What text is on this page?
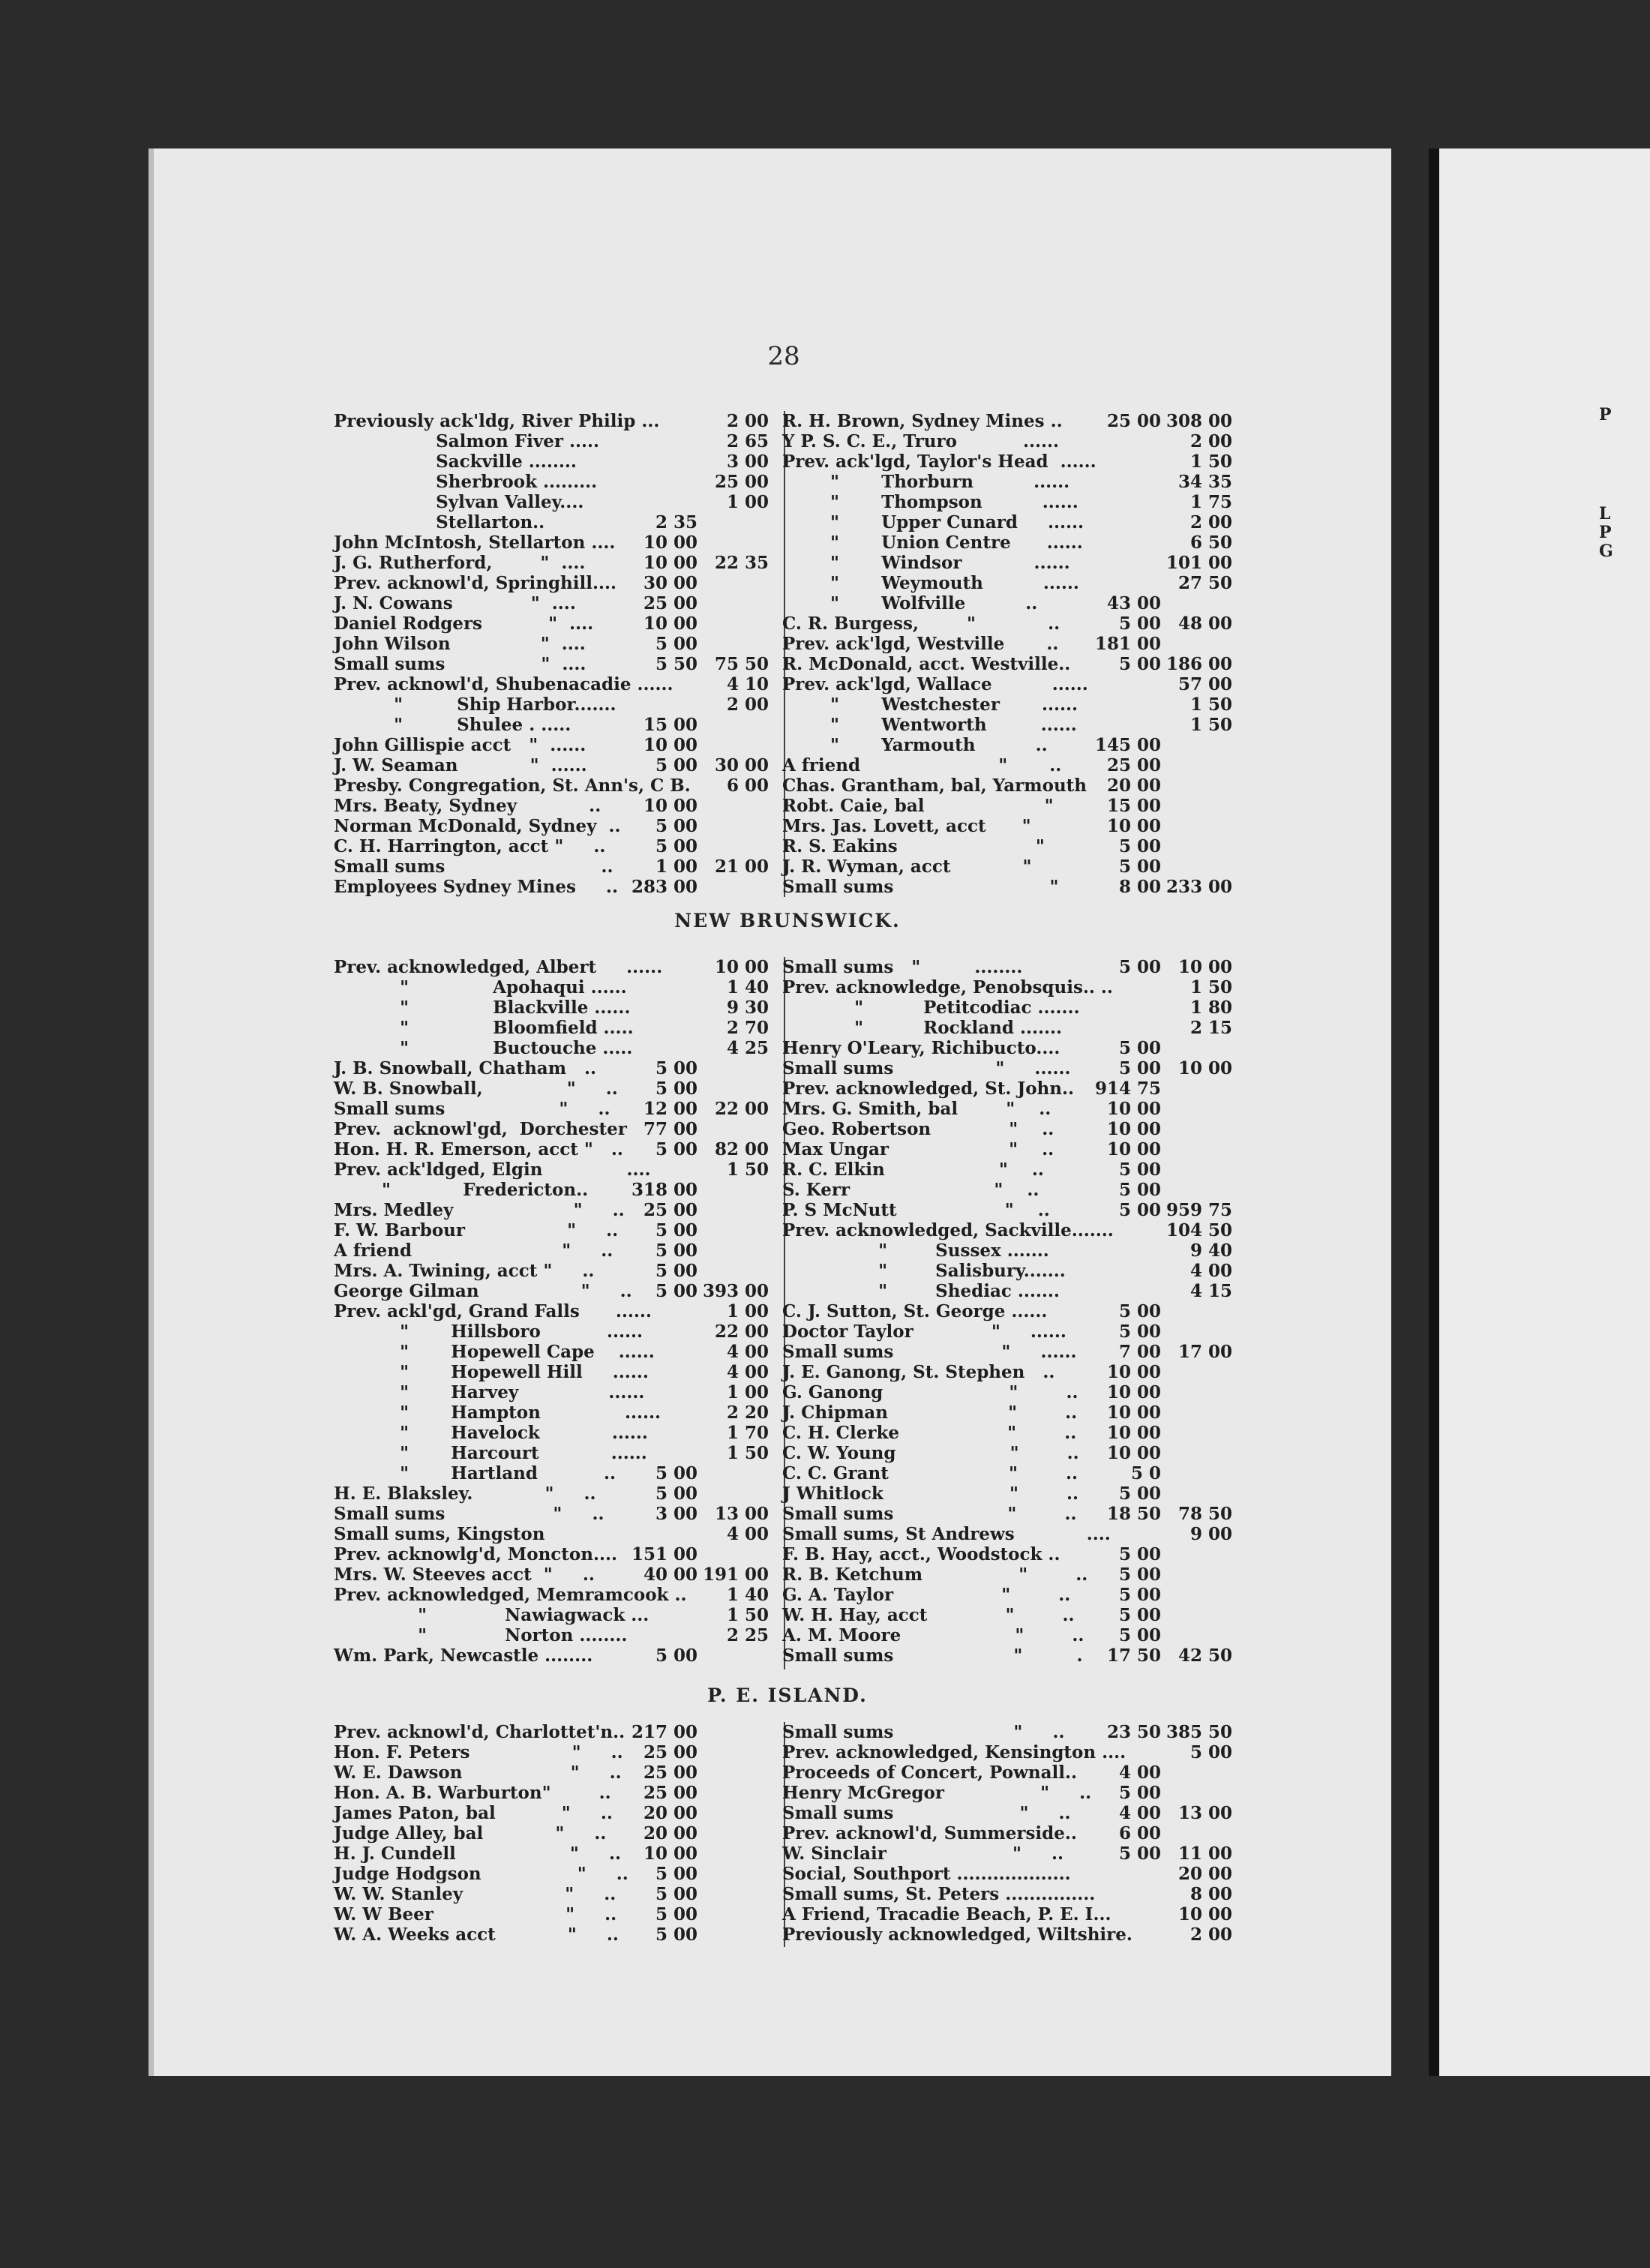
P
L
P
G
28
Previously ack'ldg, River Philip ...	2 00
Salmon Fiver .....	2 65
Sackville ........	3 00
Sherbrook .........	25 00
Sylvan Valley....	1 00
Stellarton..	2 35
John McIntosh, Stellarton ....	10 00
J. G. Rutherford,        "  ....	10 00 22 35
Prev. acknowl'd, Springhill....	30 00
J. N. Cowans             "  ....	25 00
Daniel Rodgers           "  ....	10 00
John Wilson               "  ....	5 00
Small sums                "  ....	5 50 75 50
Prev. acknowl'd, Shubenacadie ......	4 10
"         Ship Harbor.......	2 00
"         Shulee . .....	15 00
John Gillispie acct   "  ......	10 00
J. W. Seaman            "  ......	5 00 30 00
Presby. Congregation, St. Ann's, C B.	6 00
Mrs. Beaty, Sydney            ..	10 00
Norman McDonald, Sydney  ..	5 00
C. H. Harrington, acct "     ..	5 00
Small sums                          ..	1 00 21 00
Employees Sydney Mines     .. 283 00
R. H. Brown, Sydney Mines ..	25 00 308 00
Y P. S. C. E., Truro           ......	2 00
Prev. ack'lgd, Taylor's Head  ......	1 50
"       Thorburn          ......	34 35
"       Thompson          ......	1 75
"       Upper Cunard     ......	2 00
"       Union Centre      ......	6 50
"       Windsor            ......	101 00
"       Weymouth          ......	27 50
"       Wolfville          ..	43 00
C. R. Burgess,        "            ..	5 00 48 00
Prev. ack'lgd, Westville       ..	181 00
R. McDonald, acct. Westville..	5 00 186 00
Prev. ack'lgd, Wallace          ......	57 00
"       Westchester       ......	1 50
"       Wentworth         ......	1 50
"       Yarmouth          ..	145 00
A friend                       "       ..	25 00
Chas. Grantham, bal, Yarmouth	20 00
Robt. Caie, bal                    "	15 00
Mrs. Jas. Lovett, acct      "	10 00
R. S. Eakins                       "	5 00
J. R. Wyman, acct            "	5 00
Small sums                          "	8 00 233 00
NEW BRUNSWICK.
Prev. acknowledged, Albert     ......	10 00
"              Apohaqui ......	1 40
"              Blackville ......	9 30
"              Bloomfield .....	2 70
"              Buctouche .....	4 25
J. B. Snowball, Chatham   ..	5 00
W. B. Snowball,              "     ..	5 00
Small sums                   "     ..	12 00 22 00
Prev.  acknowl'gd,  Dorchester 77 00
Hon. H. R. Emerson, acct "   ..	5 00 82 00
Prev. ack'ldged, Elgin              ....	1 50
"            Fredericton..	318 00
Mrs. Medley                    "     ..	25 00
F. W. Barbour                 "     ..	5 00
A friend                         "     ..	5 00
Mrs. A. Twining, acct "     ..	5 00
George Gilman                 "     ..	5 00 393 00
Prev. ackl'gd, Grand Falls      ......	1 00
"       Hillsboro           ......	22 00
"       Hopewell Cape    ......	4 00
"       Hopewell Hill     ......	4 00
"       Harvey               ......	1 00
"       Hampton              ......	2 20
"       Havelock            ......	1 70
"       Harcourt            ......	1 50
"       Hartland           ..	5 00
H. E. Blaksley.            "     ..	5 00
Small sums                  "     ..	3 00 13 00
Small sums, Kingston	4 00
Prev. acknowlg'd, Moncton.... 151 00
Mrs. W. Steeves acct  "     ..	40 00 191 00
Prev. acknowledged, Memramcook ..	1 40
"             Nawiagwack ...	1 50
"             Norton ........	2 25
Wm. Park, Newcastle ........	5 00
Small sums   "         ........	5 00 10 00
Prev. acknowledge, Penobsquis.. ..	1 50
"          Petitcodiac .......	1 80
"          Rockland .......	2 15
Henry O'Leary, Richibucto....	5 00
Small sums                 "     ......	5 00 10 00
Prev. acknowledged, St. John..	914 75
Mrs. G. Smith, bal        "    ..	10 00
Geo. Robertson             "    ..	10 00
Max Ungar                    "    ..	10 00
R. C. Elkin                   "    ..	5 00
S. Kerr                        "    ..	5 00
P. S McNutt                  "    ..	5 00 959 75
Prev. acknowledged, Sackville.......	104 50
"        Sussex .......	9 40
"        Salisbury.......	4 00
"        Shediac .......	4 15
C. J. Sutton, St. George ......	5 00
Doctor Taylor             "     ......	5 00
Small sums                  "     ......	7 00 17 00
J. E. Ganong, St. Stephen   ..	10 00
G. Ganong                     "        ..	10 00
J. Chipman                    "        ..	10 00
C. H. Clerke                  "        ..	10 00
C. W. Young                   "        ..	10 00
C. C. Grant                    "        ..	5 0
J Whitlock                     "        ..	5 00
Small sums                   "        ..	18 50 78 50
Small sums, St Andrews            ....	9 00
F. B. Hay, acct., Woodstock ..	5 00
R. B. Ketchum                "        ..	5 00
G. A. Taylor                  "        ..	5 00
W. H. Hay, acct             "        ..	5 00
A. M. Moore                   "        ..	5 00
Small sums                    "         .	17 50 42 50
P. E. ISLAND.
Prev. acknowl'd, Charlottet'n.. 217 00
Hon. F. Peters                 "     ..	25 00
W. E. Dawson                  "     ..	25 00
Hon. A. B. Warburton"        ..	25 00
James Paton, bal           "     ..	20 00
Judge Alley, bal            "     ..	20 00
H. J. Cundell                   "     ..	10 00
Judge Hodgson                "     ..	5 00
W. W. Stanley                 "     ..	5 00
W. W Beer                      "     ..	5 00
W. A. Weeks acct            "     ..	5 00
Small sums                    "     ..	23 50 385 50
Prev. acknowledged, Kensington ....	5 00
Proceeds of Concert, Pownall..	4 00
Henry McGregor                "     ..	5 00
Small sums                     "     ..	4 00 13 00
Prev. acknowl'd, Summerside..	6 00
W. Sinclair                     "     ..	5 00 11 00
Social, Southport ...................	20 00
Small sums, St. Peters ...............	8 00
A Friend, Tracadie Beach, P. E. I...	10 00
Previously acknowledged, Wiltshire.	2 00
